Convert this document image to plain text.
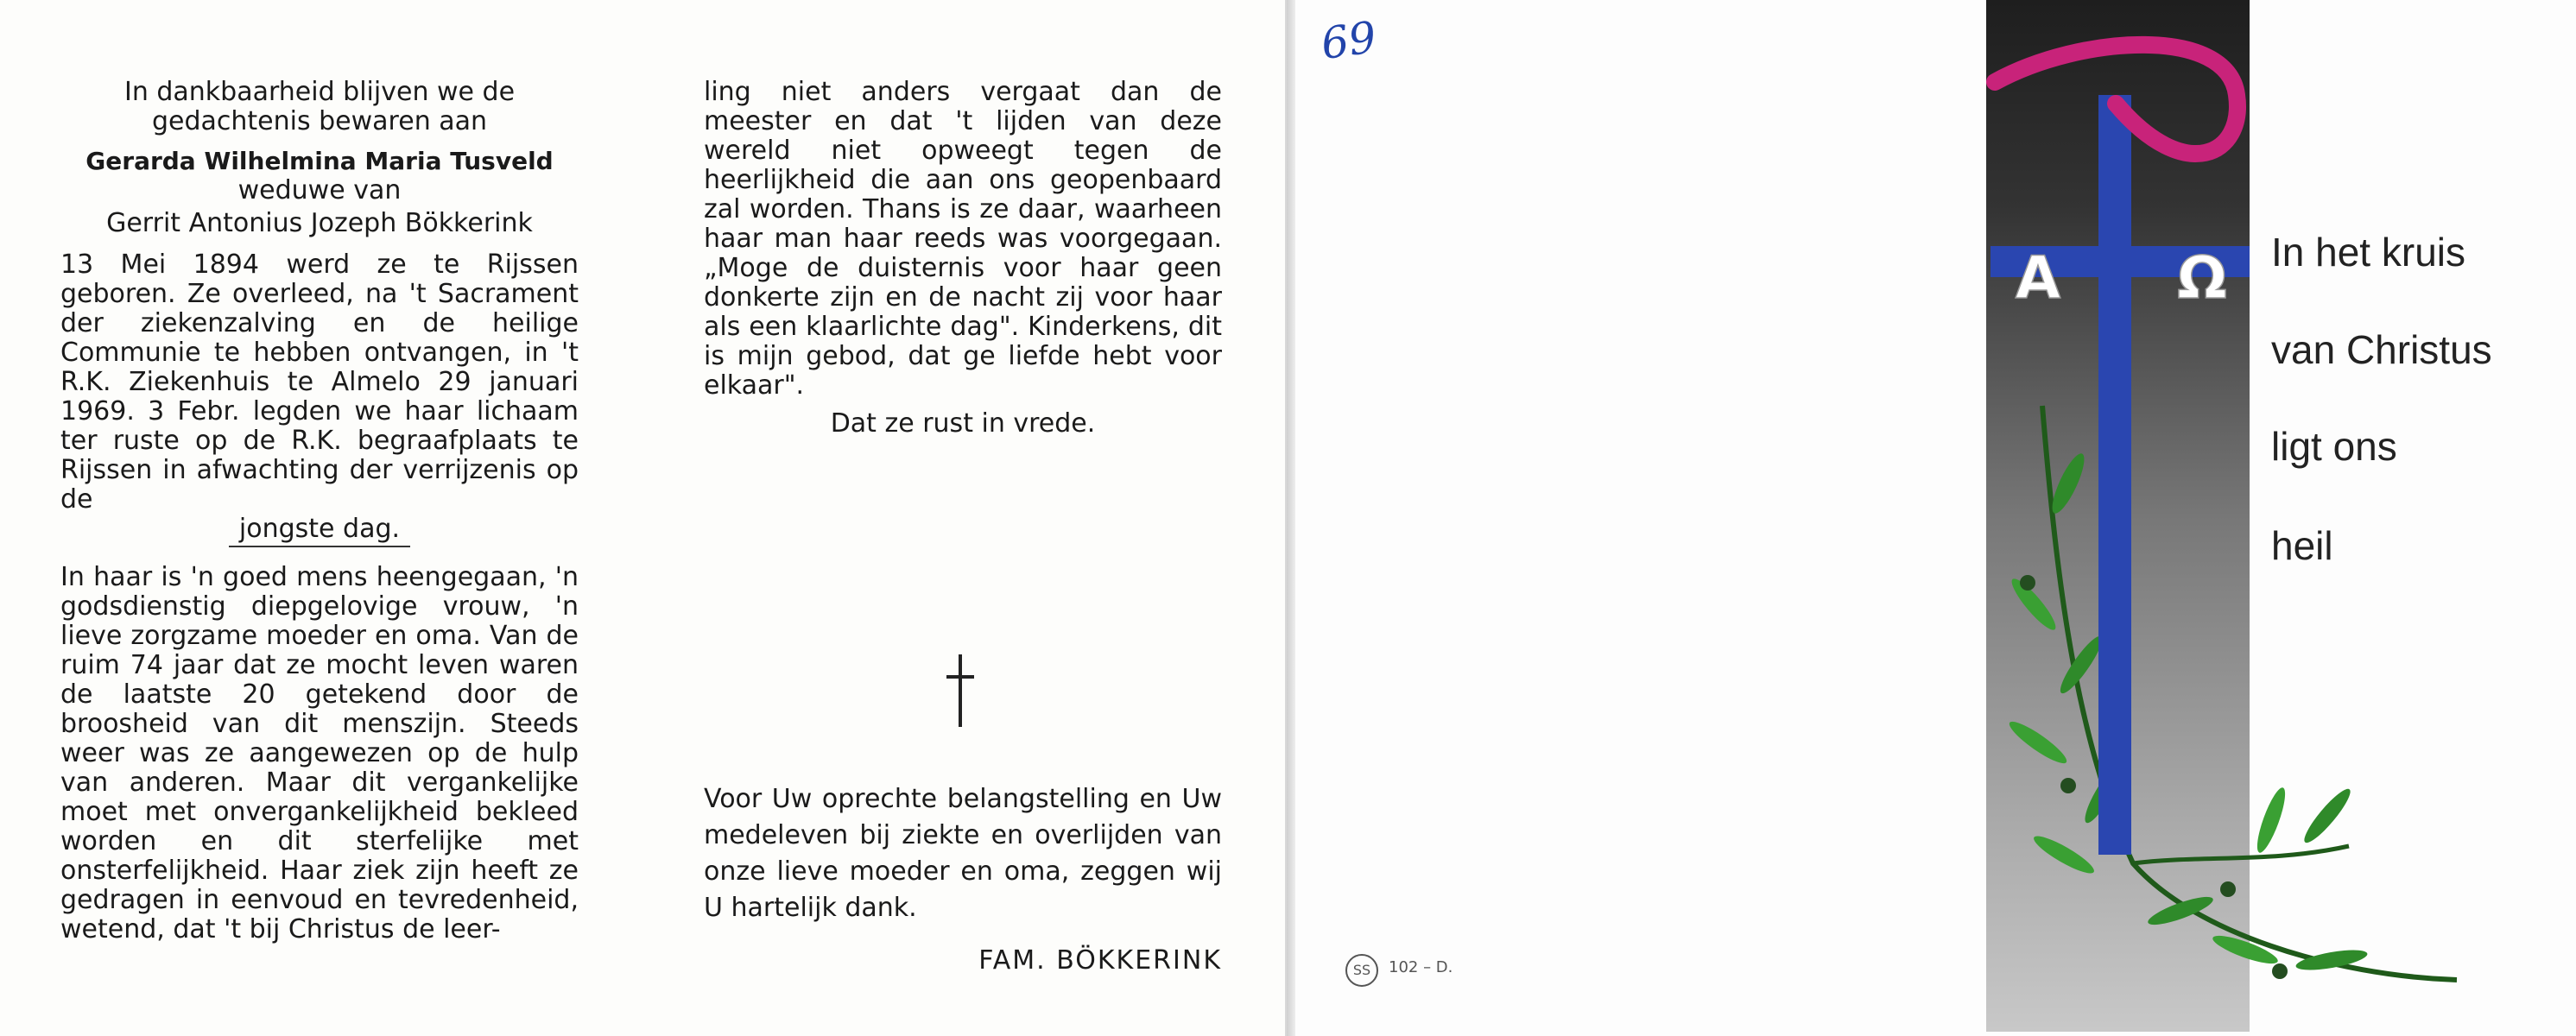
In dankbaarheid blijven we de

gedachtenis bewaren aan

Gerarda Wilhelmina Maria Tusveld

weduwe van

Gerrit Antonius Jozeph Bökkerink

13 Mei 1894 werd ze te Rijssen geboren. Ze overleed, na 't Sacrament der ziekenzalving en de heilige Communie te hebben ontvangen, in 't R.K. Ziekenhuis te Almelo 29 januari 1969. 3 Febr. legden we haar lichaam ter ruste op de R.K. begraafplaats te Rijssen in afwachting der verrijzenis op de

jongste dag.

In haar is 'n goed mens heengegaan, 'n godsdienstig diepgelovige vrouw, 'n lieve zorgzame moeder en oma. Van de ruim 74 jaar dat ze mocht leven waren de laatste 20 getekend door de broosheid van dit menszijn. Steeds weer was ze aangewezen op de hulp van anderen. Maar dit vergankelijke moet met onvergankelijkheid bekleed worden en dit sterfelijke met onsterfelijkheid. Haar ziek zijn heeft ze gedragen in eenvoud en tevredenheid, wetend, dat 't bij Christus de leer-

ling niet anders vergaat dan de meester en dat 't lijden van deze wereld niet opweegt tegen de heerlijkheid die aan ons geopenbaard zal worden. Thans is ze daar, waarheen haar man haar reeds was voorgegaan. „Moge de duisternis voor haar geen donkerte zijn en de nacht zij voor haar als een klaarlichte dag". Kinderkens, dit is mijn gebod, dat ge liefde hebt voor elkaar".

Dat ze rust in vrede.

Voor Uw oprechte belangstelling en Uw medeleven bij ziekte en overlijden van onze lieve moeder en oma, zeggen wij U hartelijk dank.

FAM. BÖKKERINK

69
SS	102 – D.
A Ω In het kruis
van Christus
ligt ons
heil
